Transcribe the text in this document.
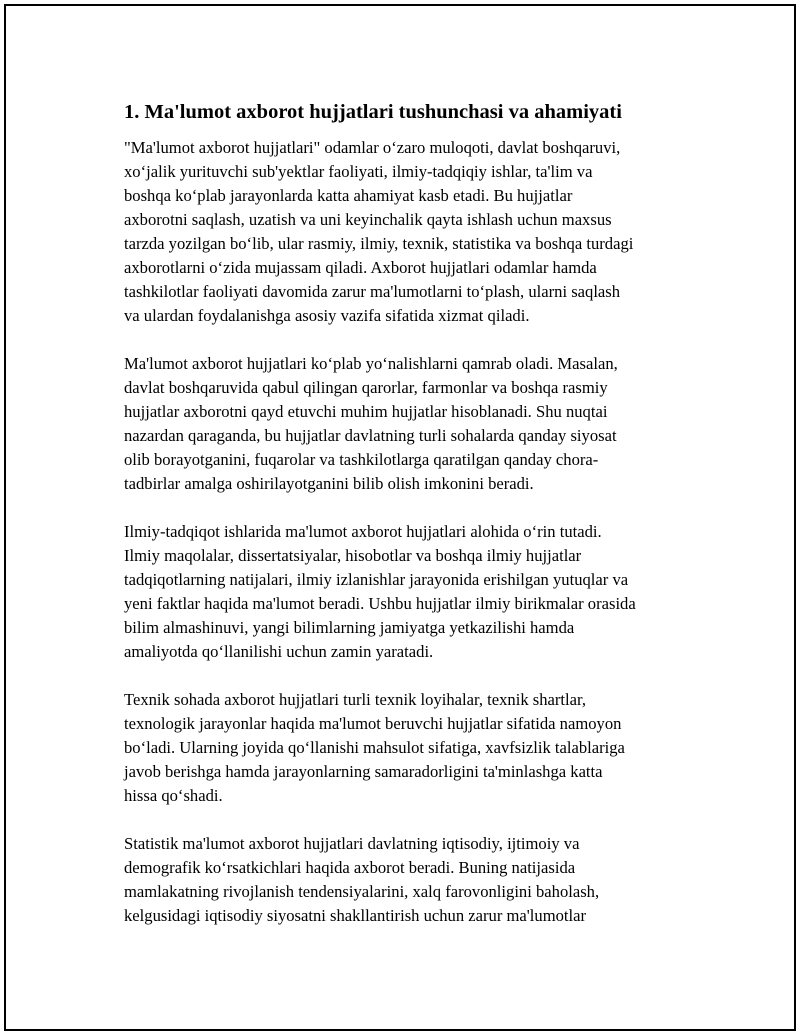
1. Ma'lumot axborot hujjatlari tushunchasi va ahamiyati

"Ma'lumot axborot hujjatlari" odamlar o‘zaro muloqoti, davlat boshqaruvi,
xo‘jalik yurituvchi sub'yektlar faoliyati, ilmiy-tadqiqiy ishlar, ta'lim va
boshqa ko‘plab jarayonlarda katta ahamiyat kasb etadi. Bu hujjatlar
axborotni saqlash, uzatish va uni keyinchalik qayta ishlash uchun maxsus
tarzda yozilgan bo‘lib, ular rasmiy, ilmiy, texnik, statistika va boshqa turdagi
axborotlarni o‘zida mujassam qiladi. Axborot hujjatlari odamlar hamda
tashkilotlar faoliyati davomida zarur ma'lumotlarni to‘plash, ularni saqlash
va ulardan foydalanishga asosiy vazifa sifatida xizmat qiladi.

Ma'lumot axborot hujjatlari ko‘plab yo‘nalishlarni qamrab oladi. Masalan,
davlat boshqaruvida qabul qilingan qarorlar, farmonlar va boshqa rasmiy
hujjatlar axborotni qayd etuvchi muhim hujjatlar hisoblanadi. Shu nuqtai
nazardan qaraganda, bu hujjatlar davlatning turli sohalarda qanday siyosat
olib borayotganini, fuqarolar va tashkilotlarga qaratilgan qanday chora-
tadbirlar amalga oshirilayotganini bilib olish imkonini beradi.

Ilmiy-tadqiqot ishlarida ma'lumot axborot hujjatlari alohida o‘rin tutadi.
Ilmiy maqolalar, dissertatsiyalar, hisobotlar va boshqa ilmiy hujjatlar
tadqiqotlarning natijalari, ilmiy izlanishlar jarayonida erishilgan yutuqlar va
yeni faktlar haqida ma'lumot beradi. Ushbu hujjatlar ilmiy birikmalar orasida
bilim almashinuvi, yangi bilimlarning jamiyatga yetkazilishi hamda
amaliyotda qo‘llanilishi uchun zamin yaratadi.

Texnik sohada axborot hujjatlari turli texnik loyihalar, texnik shartlar,
texnologik jarayonlar haqida ma'lumot beruvchi hujjatlar sifatida namoyon
bo‘ladi. Ularning joyida qo‘llanishi mahsulot sifatiga, xavfsizlik talablariga
javob berishga hamda jarayonlarning samaradorligini ta'minlashga katta
hissa qo‘shadi.

Statistik ma'lumot axborot hujjatlari davlatning iqtisodiy, ijtimoiy va
demografik ko‘rsatkichlari haqida axborot beradi. Buning natijasida
mamlakatning rivojlanish tendensiyalarini, xalq farovonligini baholash,
kelgusidagi iqtisodiy siyosatni shakllantirish uchun zarur ma'lumotlar
